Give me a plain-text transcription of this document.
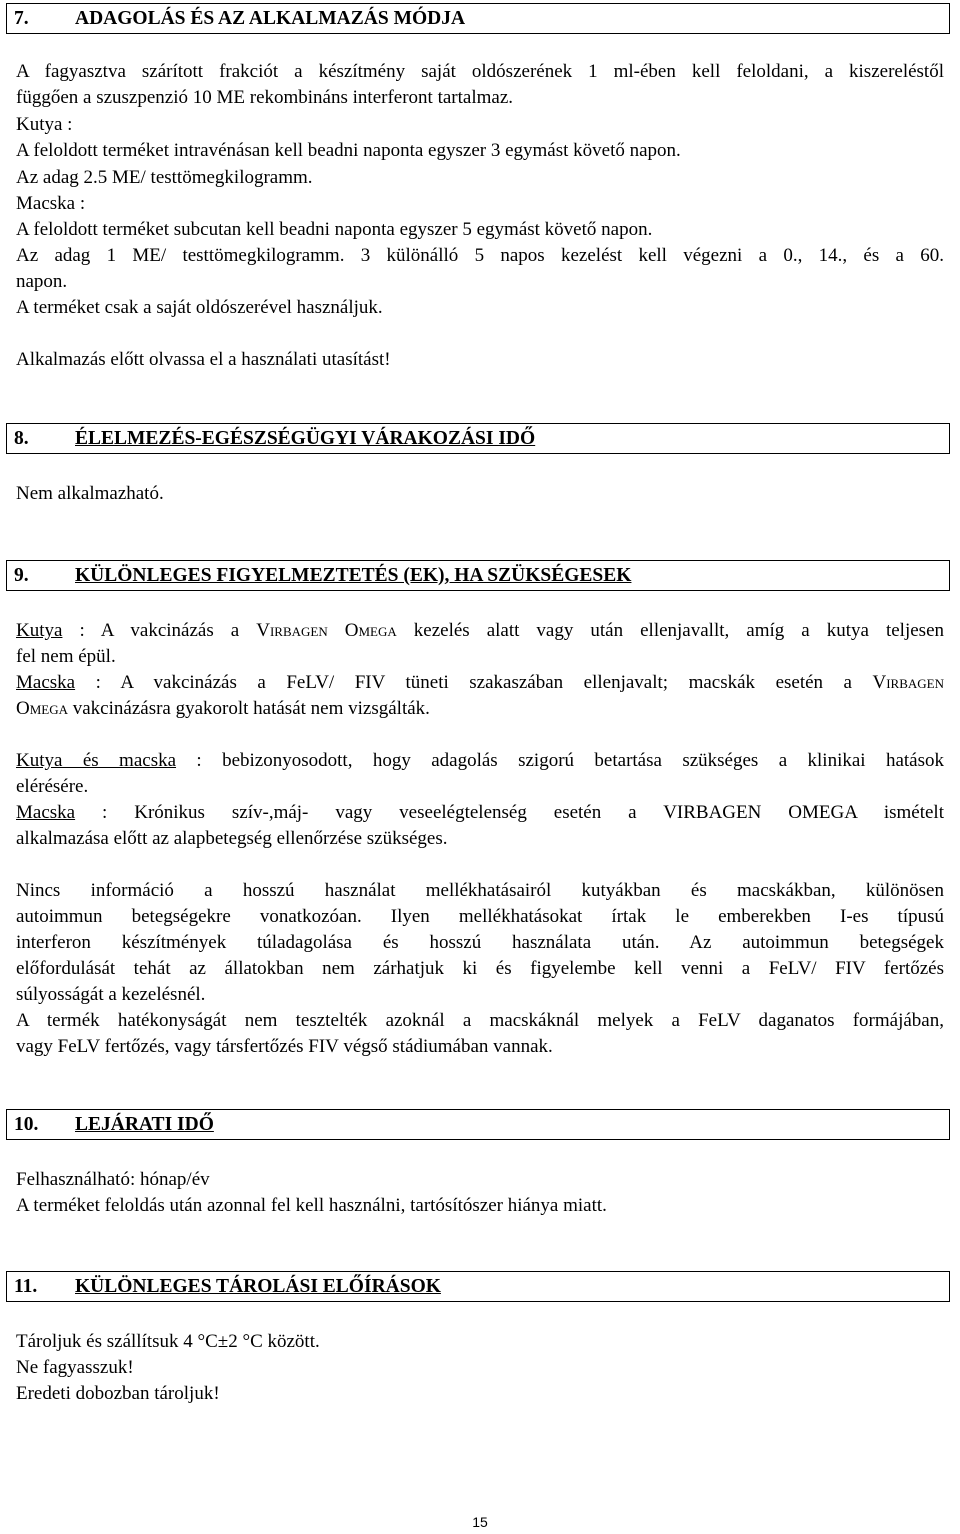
7. ADAGOLÁS ÉS AZ ALKALMAZÁS MÓDJA
A fagyasztva szárított frakciót a készítmény saját oldószerének 1 ml-ében kell feloldani, a kiszereléstől
függően a szuszpenzió 10 ME rekombináns interferont tartalmaz.
Kutya :
A feloldott terméket intravénásan kell beadni naponta egyszer 3 egymást követő napon.
Az adag 2.5 ME/ testtömegkilogramm.
Macska :
A feloldott terméket subcutan kell beadni naponta egyszer 5 egymást követő napon.
Az adag 1 ME/ testtömegkilogramm. 3 különálló 5 napos kezelést kell végezni a 0., 14., és a 60.
napon.
A terméket csak a saját oldószerével használjuk.
Alkalmazás előtt olvassa el a használati utasítást!
8. ÉLELMEZÉS-EGÉSZSÉGÜGYI VÁRAKOZÁSI IDŐ
Nem alkalmazható.
9. KÜLÖNLEGES FIGYELMEZTETÉS (EK), HA SZÜKSÉGESEK
Kutya : A vakcinázás a Virbagen Omega kezelés alatt vagy után ellenjavallt, amíg a kutya teljesen
fel nem épül.
Macska : A vakcinázás a FeLV/ FIV tüneti szakaszában ellenjavalt; macskák esetén a Virbagen
Omega vakcinázásra gyakorolt hatását nem vizsgálták.
Kutya és macska : bebizonyosodott, hogy adagolás szigorú betartása szükséges a klinikai hatások
elérésére.
Macska : Krónikus szív-,máj- vagy veseelégtelenség esetén a VIRBAGEN OMEGA ismételt
alkalmazása előtt az alapbetegség ellenőrzése szükséges.
Nincs információ a hosszú használat mellékhatásairól kutyákban és macskákban, különösen
autoimmun betegségekre vonatkozóan. Ilyen mellékhatásokat írtak le emberekben I-es típusú
interferon készítmények túladagolása és hosszú használata után. Az autoimmun betegségek
előfordulását tehát az állatokban nem zárhatjuk ki és figyelembe kell venni a FeLV/ FIV fertőzés
súlyosságát a kezelésnél.
A termék hatékonyságát nem tesztelték azoknál a macskáknál melyek a FeLV daganatos formájában,
vagy FeLV fertőzés, vagy társfertőzés FIV végső stádiumában vannak.
10. LEJÁRATI IDŐ
Felhasználható: hónap/év
A terméket feloldás után azonnal fel kell használni, tartósítószer hiánya miatt.
11. KÜLÖNLEGES TÁROLÁSI ELŐÍRÁSOK
Tároljuk és szállítsuk 4 °C±2 °C között.
Ne fagyasszuk!
Eredeti dobozban tároljuk!
15
